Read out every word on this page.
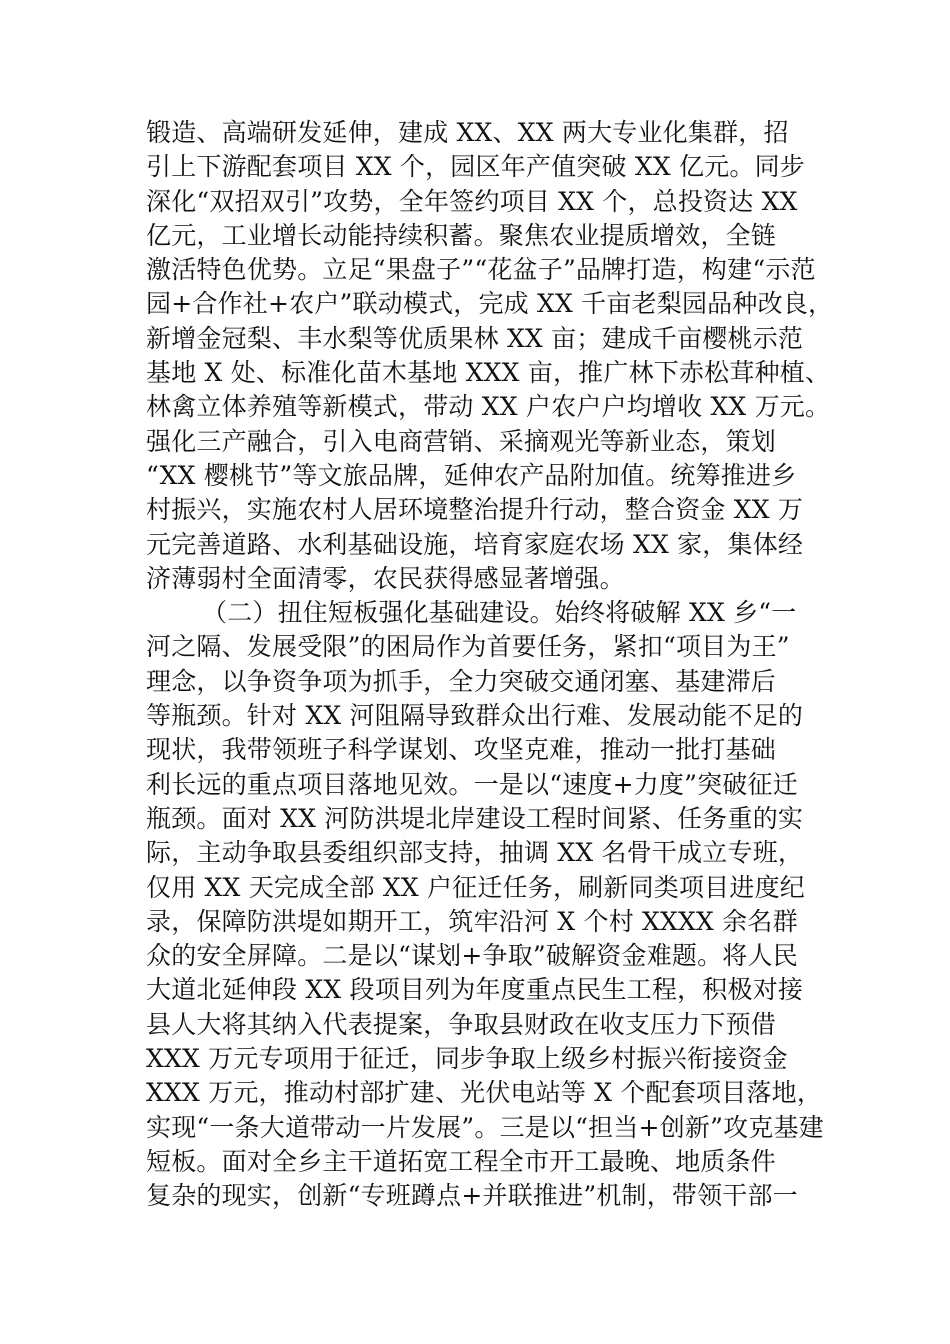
锻造、高端研发延伸，建成 XX、XX 两大专业化集群，招
引上下游配套项目 XX 个，园区年产值突破 XX 亿元。同步
深化“双招双引”攻势，全年签约项目 XX 个，总投资达 XX
亿元，工业增长动能持续积蓄。聚焦农业提质增效，全链
激活特色优势。立足“果盘子”“花盆子”品牌打造，构建“示范
园+合作社+农户”联动模式，完成 XX 千亩老梨园品种改良，
新增金冠梨、丰水梨等优质果林 XX 亩；建成千亩樱桃示范
基地 X 处、标准化苗木基地 XXX 亩，推广林下赤松茸种植、
林禽立体养殖等新模式，带动 XX 户农户户均增收 XX 万元。
强化三产融合，引入电商营销、采摘观光等新业态，策划
“XX 樱桃节”等文旅品牌，延伸农产品附加值。统筹推进乡
村振兴，实施农村人居环境整治提升行动，整合资金 XX 万
元完善道路、水利基础设施，培育家庭农场 XX 家，集体经
济薄弱村全面清零，农民获得感显著增强。
（二）扭住短板强化基础建设。始终将破解 XX 乡“一
河之隔、发展受限”的困局作为首要任务，紧扣“项目为王”
理念，以争资争项为抓手，全力突破交通闭塞、基建滞后
等瓶颈。针对 XX 河阻隔导致群众出行难、发展动能不足的
现状，我带领班子科学谋划、攻坚克难，推动一批打基础
利长远的重点项目落地见效。一是以“速度+力度”突破征迁
瓶颈。面对 XX 河防洪堤北岸建设工程时间紧、任务重的实
际，主动争取县委组织部支持，抽调 XX 名骨干成立专班，
仅用 XX 天完成全部 XX 户征迁任务，刷新同类项目进度纪
录，保障防洪堤如期开工，筑牢沿河 X 个村 XXXX 余名群
众的安全屏障。二是以“谋划+争取”破解资金难题。将人民
大道北延伸段 XX 段项目列为年度重点民生工程，积极对接
县人大将其纳入代表提案，争取县财政在收支压力下预借
XXX 万元专项用于征迁，同步争取上级乡村振兴衔接资金
XXX 万元，推动村部扩建、光伏电站等 X 个配套项目落地，
实现“一条大道带动一片发展”。三是以“担当+创新”攻克基建
短板。面对全乡主干道拓宽工程全市开工最晚、地质条件
复杂的现实，创新“专班蹲点+并联推进”机制，带领干部一
